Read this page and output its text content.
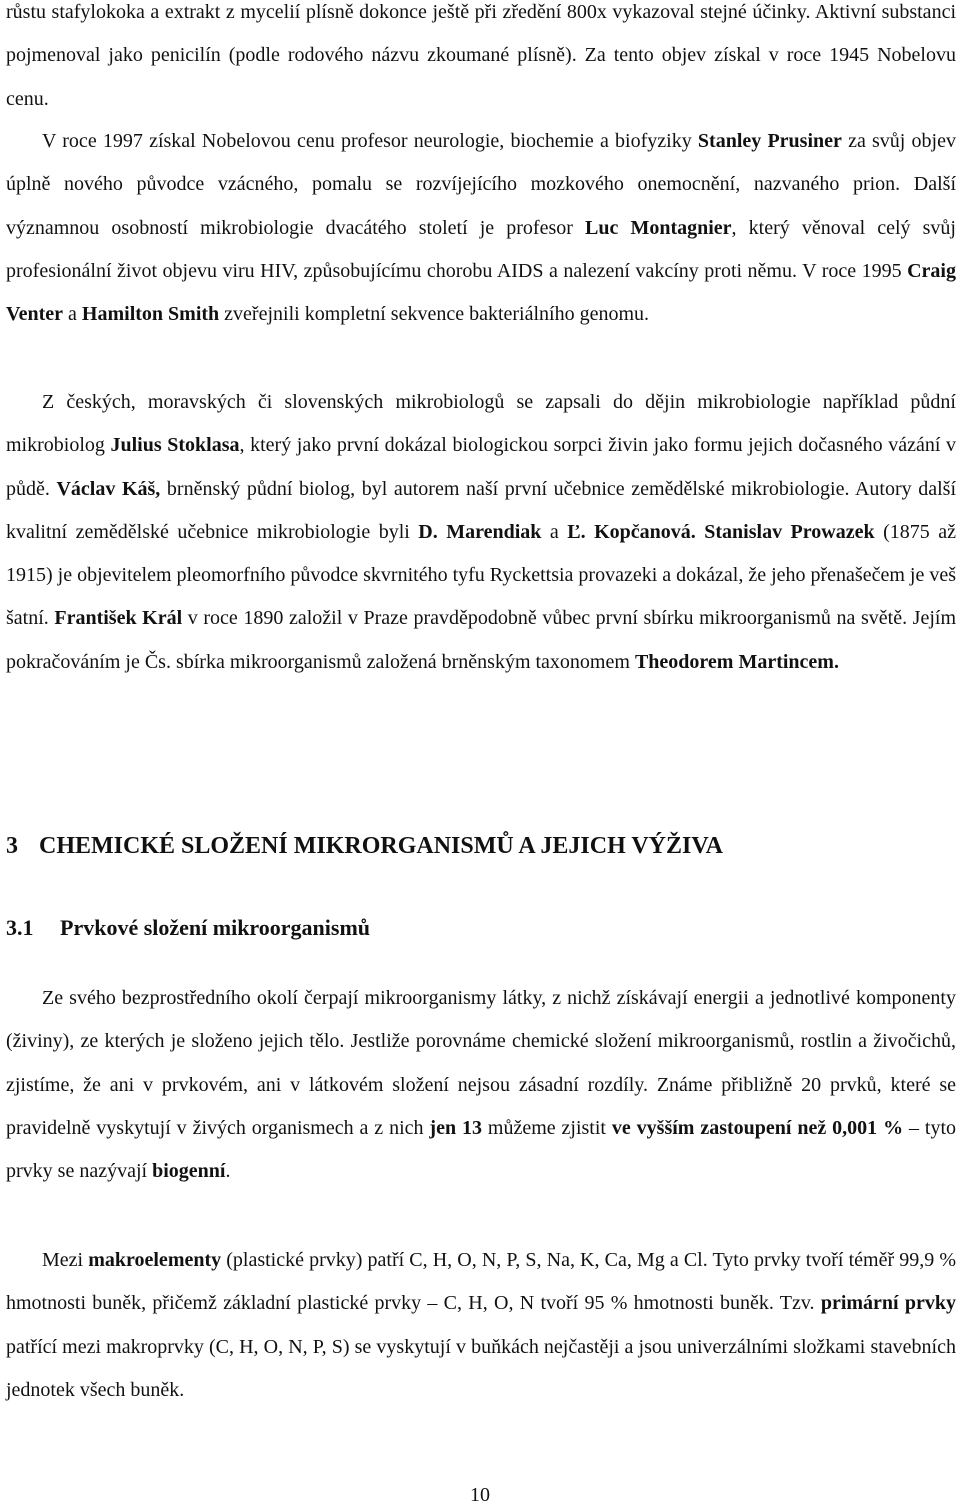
růstu stafylokoka a extrakt z mycelií plísně dokonce ještě při zředění 800x vykazoval stejné účinky. Aktivní substanci pojmenoval jako penicilín (podle rodového názvu zkoumané plísně). Za tento objev získal v roce 1945 Nobelovu cenu.

V roce 1997 získal Nobelovou cenu profesor neurologie, biochemie a biofyziky Stanley Prusiner za svůj objev úplně nového původce vzácného, pomalu se rozvíjejícího mozkového onemocnění, nazvaného prion. Další významnou osobností mikrobiologie dvacátého století je profesor Luc Montagnier, který věnoval celý svůj profesionální život objevu viru HIV, způsobujícímu chorobu AIDS a nalezení vakcíny proti němu. V roce 1995 Craig Venter a Hamilton Smith zveřejnili kompletní sekvence bakteriálního genomu.

Z českých, moravských či slovenských mikrobiologů se zapsali do dějin mikrobiologie například půdní mikrobiolog Julius Stoklasa, který jako první dokázal biologickou sorpci živin jako formu jejich dočasného vázání v půdě. Václav Káš, brněnský půdní biolog, byl autorem naší první učebnice zemědělské mikrobiologie. Autory další kvalitní zemědělské učebnice mikrobiologie byli D. Marendiak a Ľ. Kopčanová. Stanislav Prowazek (1875 až 1915) je objevitelem pleomorfního původce skvrnitého tyfu Ryckettsia provazeki a dokázal, že jeho přenašečem je veš šatní. František Král v roce 1890 založil v Praze pravděpodobně vůbec první sbírku mikroorganismů na světě. Jejím pokračováním je Čs. sbírka mikroorganismů založená brněnským taxonomem Theodorem Martincem.

3 CHEMICKÉ SLOŽENÍ MIKRORGANISMŮ A JEJICH VÝŽIVA
3.1 Prvkové složení mikroorganismů

Ze svého bezprostředního okolí čerpají mikroorganismy látky, z nichž získávají energii a jednotlivé komponenty (živiny), ze kterých je složeno jejich tělo. Jestliže porovnáme chemické složení mikroorganismů, rostlin a živočichů, zjistíme, že ani v prvkovém, ani v látkovém složení nejsou zásadní rozdíly. Známe přibližně 20 prvků, které se pravidelně vyskytují v živých organismech a z nich jen 13 můžeme zjistit ve vyšším zastoupení než 0,001 % – tyto prvky se nazývají biogenní.

Mezi makroelementy (plastické prvky) patří C, H, O, N, P, S, Na, K, Ca, Mg a Cl. Tyto prvky tvoří téměř 99,9 % hmotnosti buněk, přičemž základní plastické prvky – C, H, O, N tvoří 95 % hmotnosti buněk. Tzv. primární prvky patřící mezi makroprvky (C, H, O, N, P, S) se vyskytují v buňkách nejčastěji a jsou univerzálními složkami stavebních jednotek všech buněk.

10
